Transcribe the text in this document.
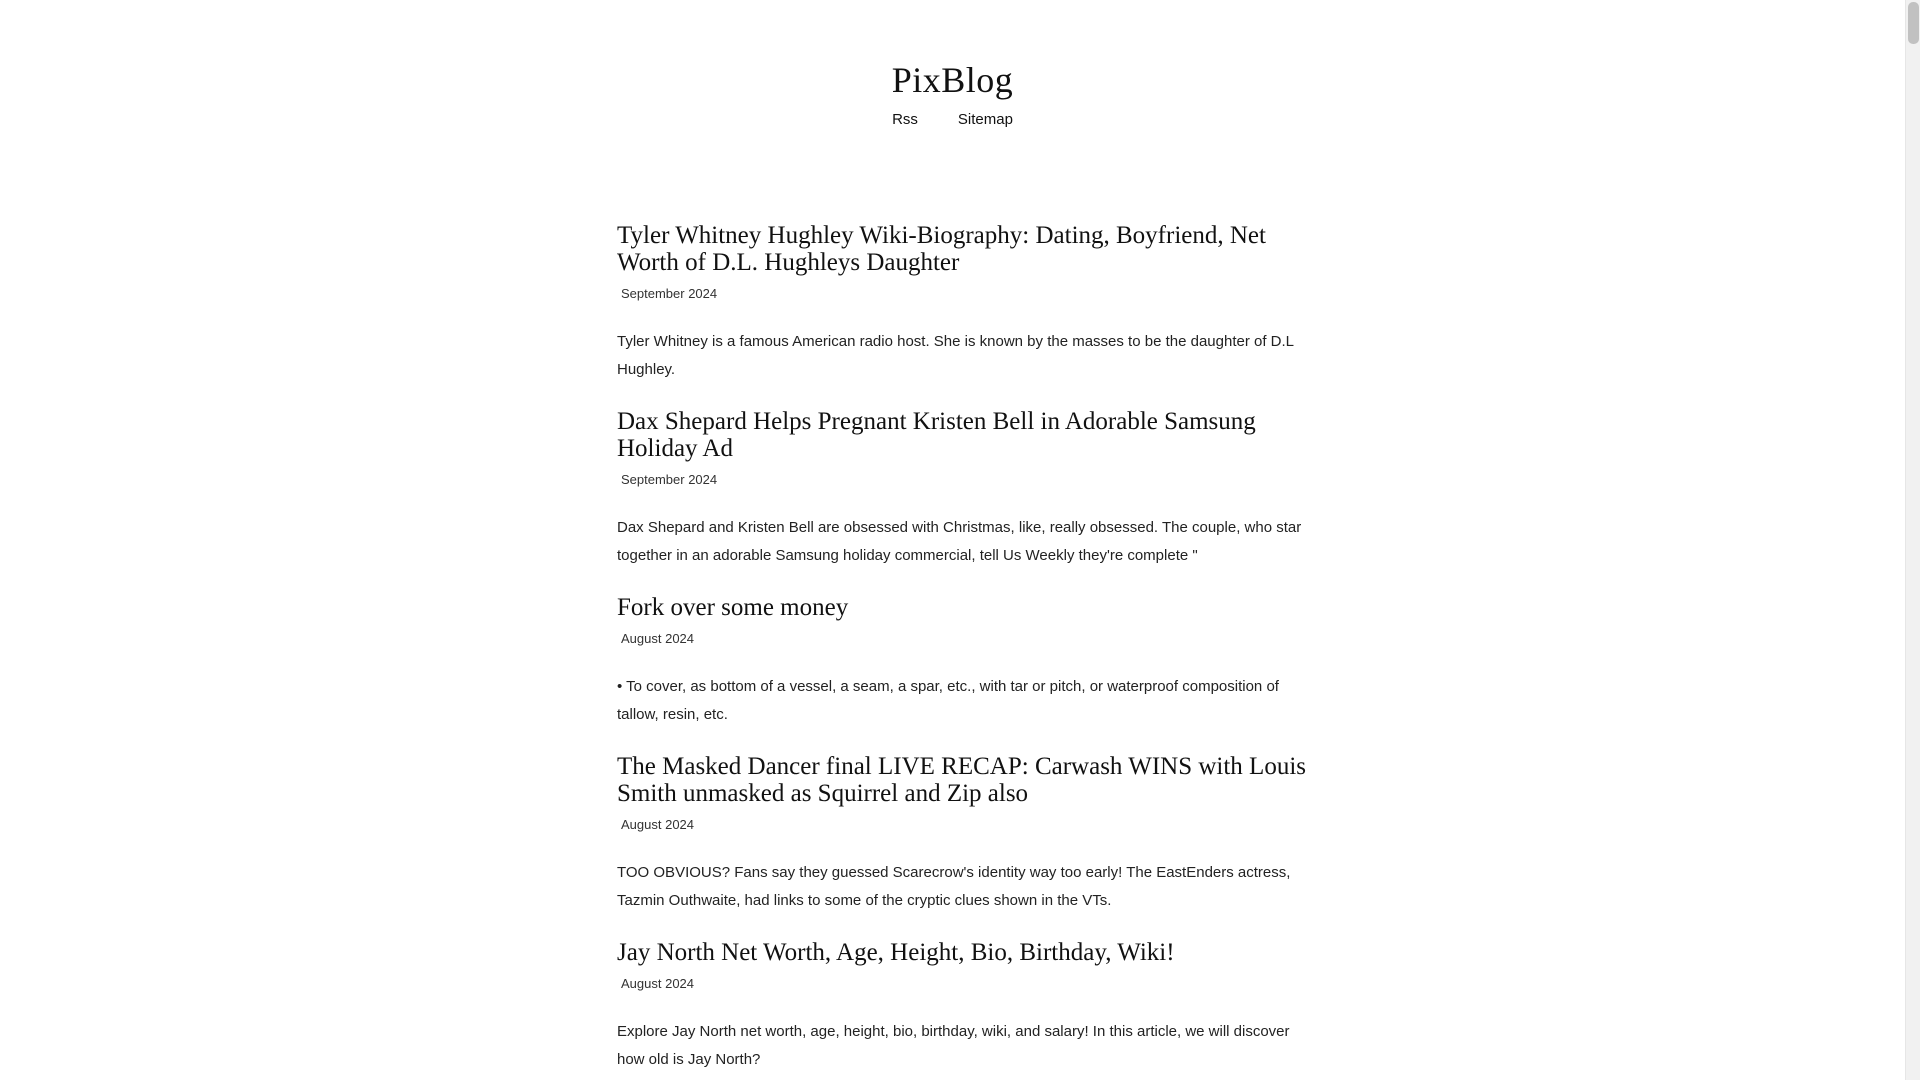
PixBlog
Rss	Sitemap
Tyler Whitney Hughley Wiki-Biography: Dating, Boyfriend, Net Worth of D.L. Hughleys Daughter
September 2024

Tyler Whitney is a famous American radio host. She is known by the masses to be the daughter of D.L Hughley.

Dax Shepard Helps Pregnant Kristen Bell in Adorable Samsung Holiday Ad
September 2024

Dax Shepard and Kristen Bell are obsessed with Christmas, like, really obsessed. The couple, who star together in an adorable Samsung holiday commercial, tell Us Weekly they're complete "

Fork over some money
August 2024

• To cover, as bottom of a vessel, a seam, a spar, etc., with tar or pitch, or waterproof composition of tallow, resin, etc.

The Masked Dancer final LIVE RECAP: Carwash WINS with Louis Smith unmasked as Squirrel and Zip also
August 2024

TOO OBVIOUS? Fans say they guessed Scarecrow's identity way too early! The EastEnders actress, Tazmin Outhwaite, had links to some of the cryptic clues shown in the VTs.

Jay North Net Worth, Age, Height, Bio, Birthday, Wiki!
August 2024

Explore Jay North net worth, age, height, bio, birthday, wiki, and salary! In this article, we will discover how old is Jay North?
